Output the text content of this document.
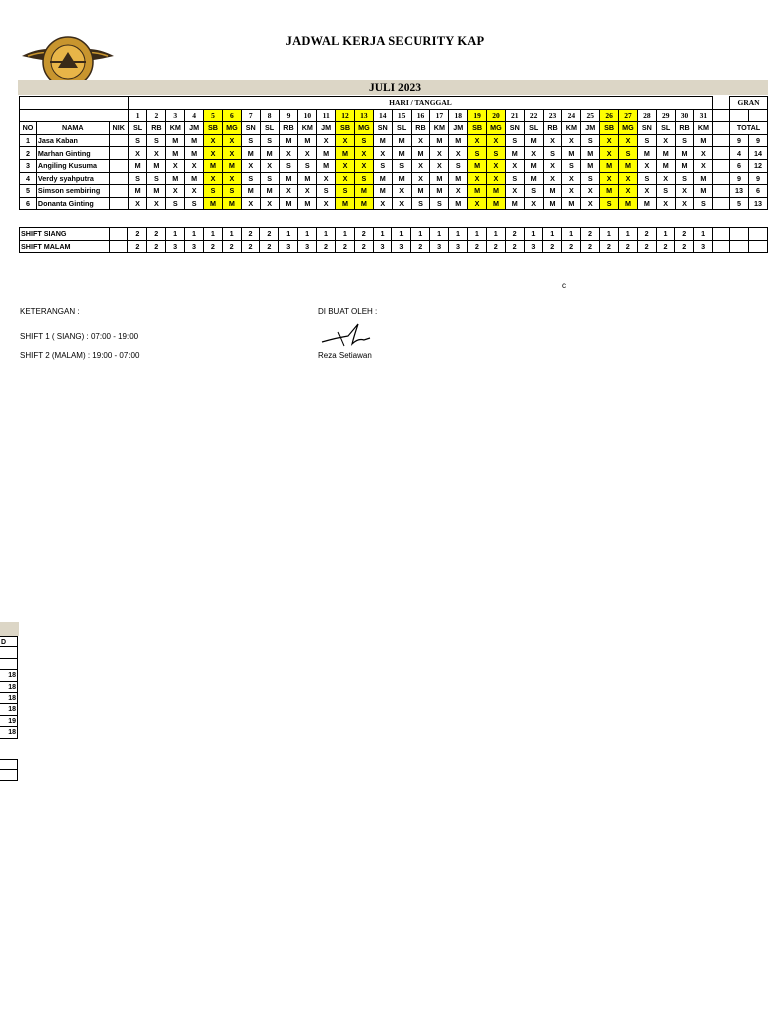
JADWAL KERJA SECURITY KAP
JULI 2023
			HARI / TANGGAL																																GRAN	
			1	2	3	4	5	6	7	8	9	10	11	12	13	14	15	16	17	18	19	20	21	22	23	24	25	26	27	28	29	30	31			
NO	NAMA	NIK	SL	RB	KM	JM	SB	MG	SN	SL	RB	KM	JM	SB	MG	SN	SL	RB	KM	JM	SB	MG	SN	SL	RB	KM	JM	SB	MG	SN	SL	RB	KM		TOTAL	
1	Jasa Kaban		S	S	M	M	X	X	S	S	M	M	X	X	S	M	M	X	M	M	X	X	S	M	X	X	S	X	X	S	X	S	M		9	9
2	Marhan Ginting		X	X	M	M	X	X	M	M	X	X	M	M	X	X	M	M	X	X	S	S	M	X	S	M	M	X	S	M	M	M	X		4	14
3	Angiling Kusuma		M	M	X	X	M	M	X	X	S	S	M	X	X	S	S	X	X	S	M	X	X	M	X	S	M	M	M	X	M	M	X		6	12
4	Verdy syahputra		S	S	M	M	X	X	S	S	M	M	X	X	S	M	M	X	M	M	X	X	S	M	X	X	S	X	X	S	X	S	M		9	9
5	Simson sembiring		M	M	X	X	S	S	M	M	X	X	S	S	M	M	X	M	M	X	M	M	X	S	M	X	X	M	X	X	S	X	M		13	6
6	Donanta Ginting		X	X	S	S	M	M	X	X	M	M	X	M	M	X	X	S	S	M	X	M	M	X	M	M	X	S	M	M	X	X	S		5	13
SHIFT SIANG		2	2	1	1	1	1	2	2	1	1	1	1	2	1	1	1	1	1	1	1	2	1	1	1	2	1	1	2	1	2	1			
SHIFT MALAM		2	2	3	3	2	2	2	2	3	3	2	2	2	3	3	2	3	3	2	2	2	3	2	2	2	2	2	2	2	2	3			
c
KETERANGAN :
SHIFT 1 ( SIANG) : 07:00 - 19:00
SHIFT 2 (MALAM) : 19:00 - 07:00
DI BUAT OLEH :
Reza Setiawan
D
18
18
18
18
19
18
